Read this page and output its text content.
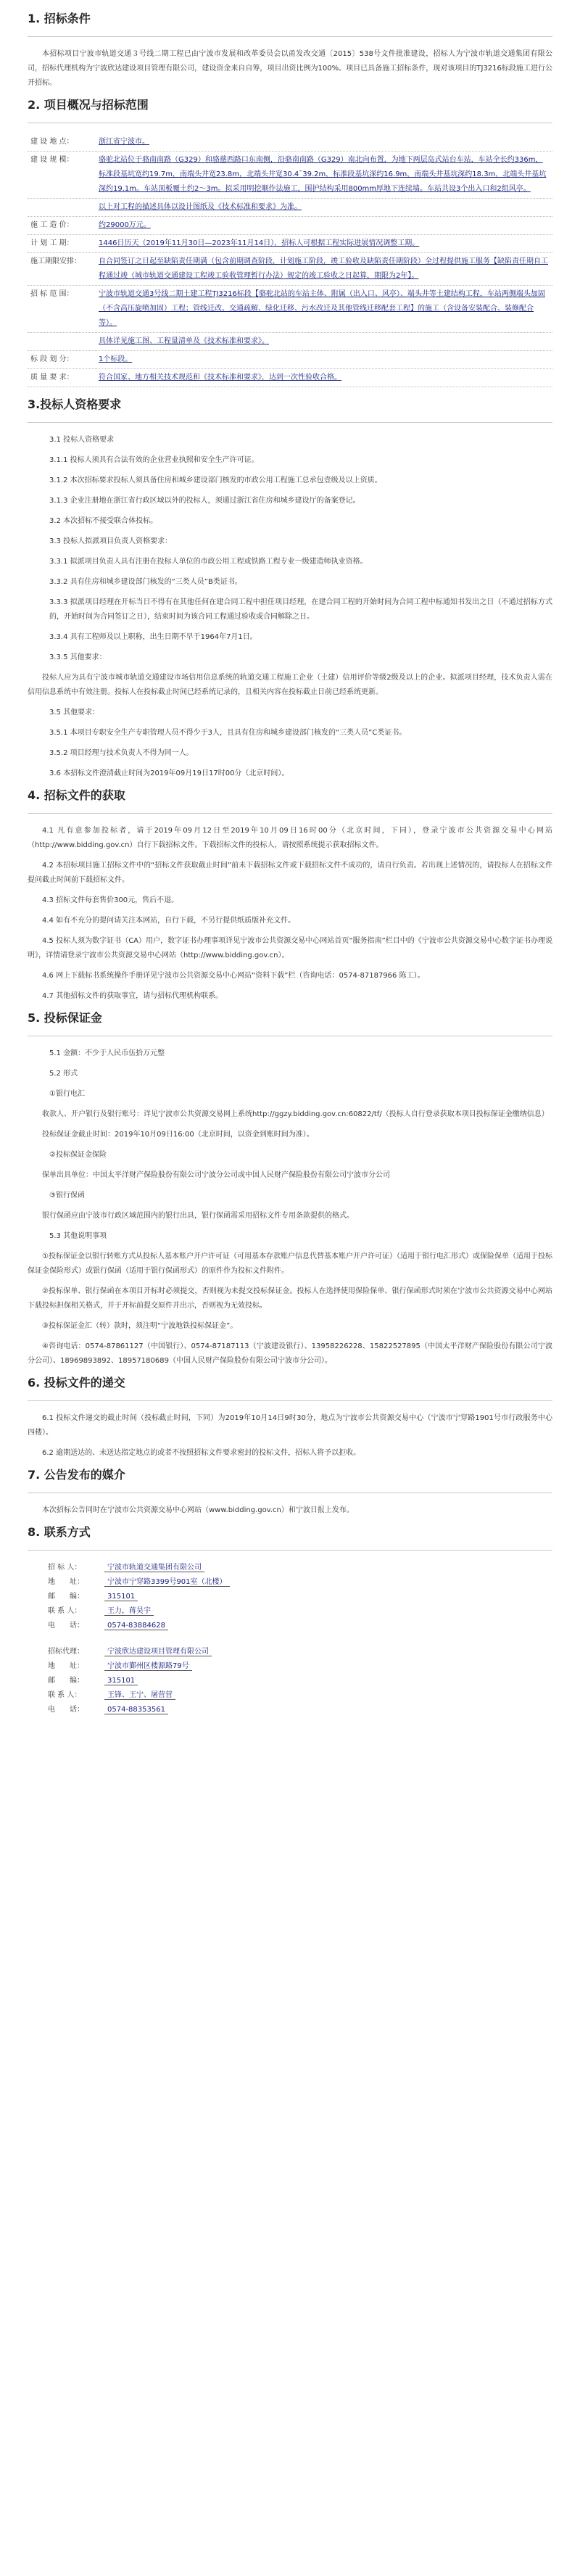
1. 招标条件

本招标项目宁波市轨道交通３号线二期工程已由宁波市发展和改革委员会以甬发改交通〔2015〕538号文件批准建设，招标人为宁波市轨道交通集团有限公司，招标代理机构为宁波欣达建设项目管理有限公司，建设资金来自自筹，项目出资比例为100%。项目已具备施工招标条件，现对该项目的TJ3216标段施工进行公开招标。

2. 项目概况与招标范围
建 设 地 点：	浙江省宁波市。
建 设 规 模：	骆驼北站位于骆南南路（G329）和骆慈西路口东南侧，沿骆南南路（G329）南北向布置，为地下两层岛式站台车站，车站全长约336m，标准段基坑宽约19.7m，南端头井宽23.8m，北端头井宽30.4ˉ39.2m，标准段基坑深约16.9m，南端头井基坑深约18.3m，北端头井基坑深约19.1m。车站顶板覆土约2～3m。拟采用明挖顺作法施工，围护结构采用800mm厚地下连续墙。车站共设3个出入口和2组风亭。
	以上对工程的描述具体以设计图纸及《技术标准和要求》为准。
施 工 造 价：	约29000万元。
计 划 工 期：	1446日历天（2019年11月30日—2023年11月14日），招标人可根据工程实际进展情况调整工期。
施工期限安排：	自合同签订之日起至缺陷责任期满（包含前期调查阶段，计划施工阶段，竣工验收及缺陷责任期阶段）全过程提供施工服务【缺陷责任期自工程通过竣（城市轨道交通建设工程竣工验收管理暂行办法）规定的竣工验收之日起算，期限为2年】。
招 标 范 围：	宁波市轨道交通3号线二期土建工程TJ3216标段【骆驼北站的车站主体、附属（出入口、风亭）、端头井等土建结构工程，车站两侧端头加固（不含高压旋喷加固）工程；管线迁改、交通疏解、绿化迁移、污水改迁及其他管线迁移配套工程】的施工（含设备安装配合、装修配合等）。
	具体详见施工图、工程量清单及《技术标准和要求》。
标 段 划 分：	1个标段。
质 量 要 求：	符合国家、地方相关技术规范和《技术标准和要求》，达到一次性验收合格。
3.投标人资格要求

3.1 投标人资格要求

3.1.1 投标人须具有合法有效的企业营业执照和安全生产许可证。

3.1.2 本次招标要求投标人须具备住房和城乡建设部门核发的市政公用工程施工总承包壹级及以上资质。

3.1.3 企业注册地在浙江省行政区域以外的投标人，须通过浙江省住房和城乡建设厅的备案登记。

3.2 本次招标不接受联合体投标。

3.3 投标人拟派项目负责人资格要求：

3.3.1 拟派项目负责人具有注册在投标人单位的市政公用工程或铁路工程专业一级建造师执业资格。

3.3.2 具有住房和城乡建设部门核发的“三类人员”B类证书。

3.3.3 拟派项目经理在开标当日不得有在其他任何在建合同工程中担任项目经理，在建合同工程的开始时间为合同工程中标通知书发出之日（不通过招标方式的，开始时间为合同签订之日），结束时间为该合同工程通过验收或合同解除之日。

3.3.4 具有工程师及以上职称，出生日期不早于1964年7月1日。

3.3.5 其他要求：

投标人应为具有宁波市城市轨道交通建设市场信用信息系统的轨道交通工程施工企业（土建）信用评价等级2级及以上的企业。拟派项目经理，技术负责人需在信用信息系统中有效注册。投标人在投标截止时间已经系统记录的，且相关内容在投标截止日前已经系统更新。

3.5 其他要求：

3.5.1 本项目专职安全生产专职管理人员不得少于3人，且具有住房和城乡建设部门核发的“三类人员”C类证书。

3.5.2 项目经理与技术负责人不得为同一人。

3.6 本招标文件澄清截止时间为2019年09月19日17时00分（北京时间）。

4. 招标文件的获取

4.1 凡有意参加投标者，请于2019年09月12日至2019年10月09日16时00分（北京时间，下同），登录宁波市公共资源交易中心网站（http://www.bidding.gov.cn）自行下载招标文件。下载招标文件的投标人，请按照系统提示获取招标文件。

4.2 本招标项目施工招标文件中的“招标文件获取截止时间”前未下载招标文件或下载招标文件不成功的，请自行负责。若出现上述情况的，请投标人在招标文件提问截止时间前下载招标文件。

4.3 招标文件每套售价300元，售后不退。

4.4 如有不充分的提问请关注本网站，自行下载，不另行提供纸质版补充文件。

4.5 投标人须为数字证书（CA）用户，数字证书办理事项详见宁波市公共资源交易中心网站首页“服务指南”栏目中的《宁波市公共资源交易中心数字证书办理说明》，详情请登录宁波市公共资源交易中心网站（http://www.bidding.gov.cn）。

4.6 网上下载标书系统操作手册详见宁波市公共资源交易中心网站“资料下载”栏（咨询电话：0574-87187966 陈工）。

4.7 其他招标文件的获取事宜，请与招标代理机构联系。

5. 投标保证金

5.1 金额：不少于人民币伍拾万元整

5.2 形式

①银行电汇

收款人、开户银行及银行账号：详见宁波市公共资源交易网上系统http://ggzy.bidding.gov.cn:60822/tf/（投标人自行登录获取本项目投标保证金缴纳信息）

投标保证金截止时间：2019年10月09日16:00（北京时间，以资金到账时间为准）。

②投标保证金保险

保单出具单位：中国太平洋财产保险股份有限公司宁波分公司或中国人民财产保险股份有限公司宁波市分公司

③银行保函

银行保函应由宁波市行政区域范围内的银行出具，银行保函需采用招标文件专用条款提供的格式。

5.3 其他说明事项

①投标保证金以银行转账方式从投标人基本账户开户许可证（可用基本存款账户信息代替基本账户开户许可证）（适用于银行电汇形式）或保险保单（适用于投标保证金保险形式）或银行保函（适用于银行保函形式）的原件作为投标文件附件。

②投标保单、银行保函在本项目开标时必须提交，否则视为未提交投标保证金。投标人在选择使用保险保单、银行保函形式时须在宁波市公共资源交易中心网站下载投标担保相关格式，并于开标前提交原件并出示，否则视为无效投标。

③投标保证金汇（转）款时，须注明“宁波地铁投标保证金”。

④咨询电话：0574-87861127（中国银行）、0574-87187113（宁波建设银行）、13958226228、15822527895（中国太平洋财产保险股份有限公司宁波分公司）、18969893892、18957180689（中国人民财产保险股份有限公司宁波市分公司）。

6. 投标文件的递交

6.1 投标文件递交的截止时间（投标截止时间，下同）为2019年10月14日9时30分，地点为宁波市公共资源交易中心（宁波市宁穿路1901号市行政服务中心四楼）。

6.2 逾期送达的、未送达指定地点的或者不按照招标文件要求密封的投标文件，招标人将予以拒收。

7. 公告发布的媒介

本次招标公告同时在宁波市公共资源交易中心网站（www.bidding.gov.cn）和宁波日报上发布。

8. 联系方式
招 标 人：	宁波市轨道交通集团有限公司
地　　址：	宁波市宁穿路3399号901室（北楼）
邮　　编：	315101
联 系 人：	王力，蒋昊宇
电　　话：	0574-83884628
招标代理：	宁波欣达建设项目管理有限公司
地　　址：	宁波市鄞州区楼源路79号
邮　　编：	315101
联 系 人：	王锋、王宁、屠营营
电　　话：	0574-88353561
